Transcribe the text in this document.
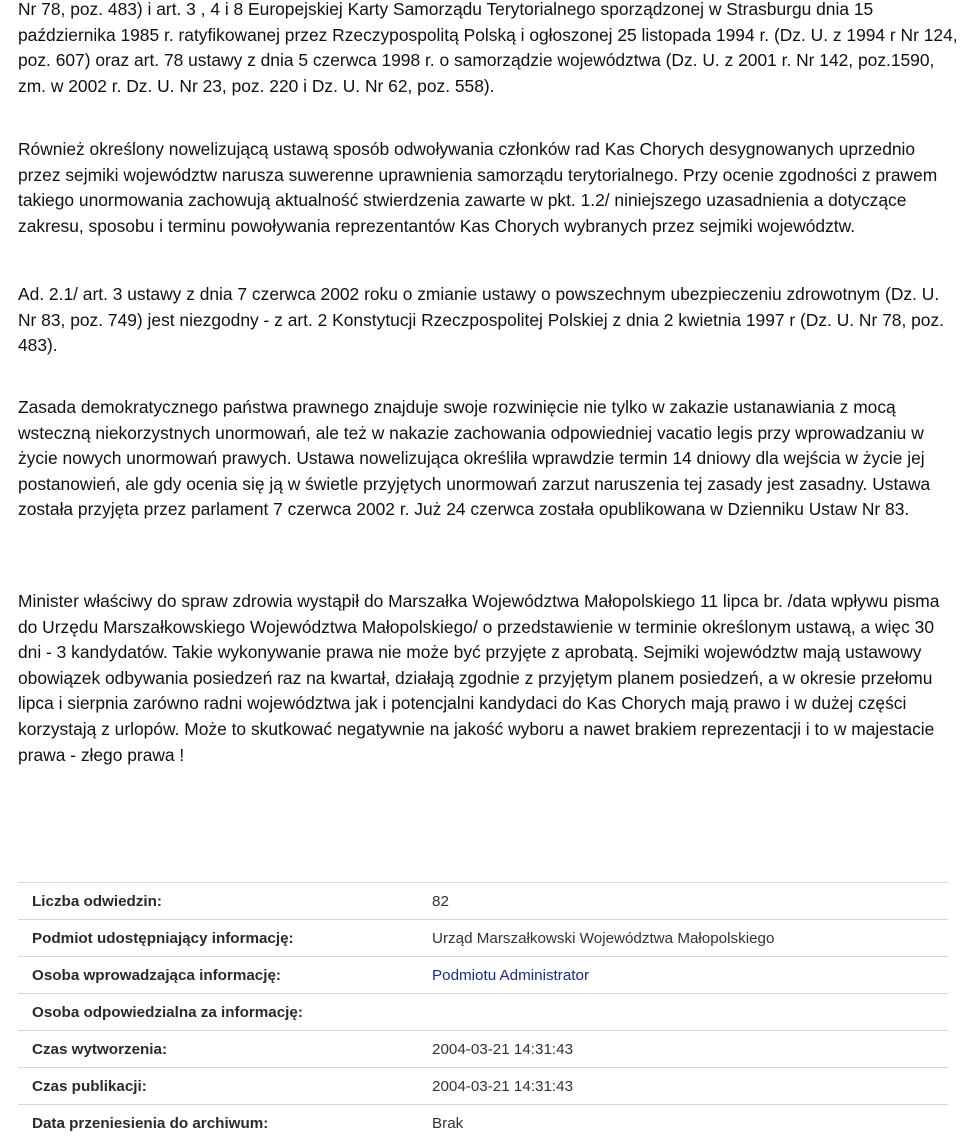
Nr 78, poz. 483) i art. 3 , 4 i 8 Europejskiej Karty Samorządu Terytorialnego sporządzonej w Strasburgu dnia 15 października 1985 r. ratyfikowanej przez Rzeczypospolitą Polską i ogłoszonej 25 listopada 1994 r. (Dz. U. z 1994 r Nr 124, poz. 607) oraz art. 78 ustawy z dnia 5 czerwca 1998 r. o samorządzie województwa (Dz. U. z 2001 r. Nr 142, poz.1590, zm. w 2002 r. Dz. U. Nr 23, poz. 220 i Dz. U. Nr 62, poz. 558).

Również określony nowelizującą ustawą sposób odwoływania członków rad Kas Chorych desygnowanych uprzednio przez sejmiki województw narusza suwerenne uprawnienia samorządu terytorialnego. Przy ocenie zgodności z prawem takiego unormowania zachowują aktualność stwierdzenia zawarte w pkt. 1.2/ niniejszego uzasadnienia a dotyczące zakresu, sposobu i terminu powoływania reprezentantów Kas Chorych wybranych przez sejmiki województw.

Ad. 2.1/ art. 3 ustawy z dnia 7 czerwca 2002 roku o zmianie ustawy o powszechnym ubezpieczeniu zdrowotnym (Dz. U. Nr 83, poz. 749) jest niezgodny - z art. 2 Konstytucji Rzeczpospolitej Polskiej z dnia 2 kwietnia 1997 r (Dz. U. Nr 78, poz. 483).

Zasada demokratycznego państwa prawnego znajduje swoje rozwinięcie nie tylko w zakazie ustanawiania z mocą wsteczną niekorzystnych unormowań, ale też w nakazie zachowania odpowiedniej vacatio legis przy wprowadzaniu w życie nowych unormowań prawych. Ustawa nowelizująca określiła wprawdzie termin 14 dniowy dla wejścia w życie jej postanowień, ale gdy ocenia się ją w świetle przyjętych unormowań zarzut naruszenia tej zasady jest zasadny. Ustawa została przyjęta przez parlament 7 czerwca 2002 r. Już 24 czerwca została opublikowana w Dzienniku Ustaw Nr 83.

Minister właściwy do spraw zdrowia wystąpił do Marszałka Województwa Małopolskiego 11 lipca br. /data wpływu pisma do Urzędu Marszałkowskiego Województwa Małopolskiego/ o przedstawienie w terminie określonym ustawą, a więc 30 dni - 3 kandydatów. Takie wykonywanie prawa nie może być przyjęte z aprobatą. Sejmiki województw mają ustawowy obowiązek odbywania posiedzeń raz na kwartał, działają zgodnie z przyjętym planem posiedzeń, a w okresie przełomu lipca i sierpnia zarówno radni województwa jak i potencjalni kandydaci do Kas Chorych mają prawo i w dużej części korzystają z urlopów. Może to skutkować negatywnie na jakość wyboru a nawet brakiem reprezentacji i to w majestacie prawa - złego prawa !

Liczba odwiedzin:	82
Podmiot udostępniający informację:	Urząd Marszałkowski Województwa Małopolskiego
Osoba wprowadzająca informację:	Podmiotu Administrator
Osoba odpowiedzialna za informację:	
Czas wytworzenia:	2004-03-21 14:31:43
Czas publikacji:	2004-03-21 14:31:43
Data przeniesienia do archiwum:	Brak
